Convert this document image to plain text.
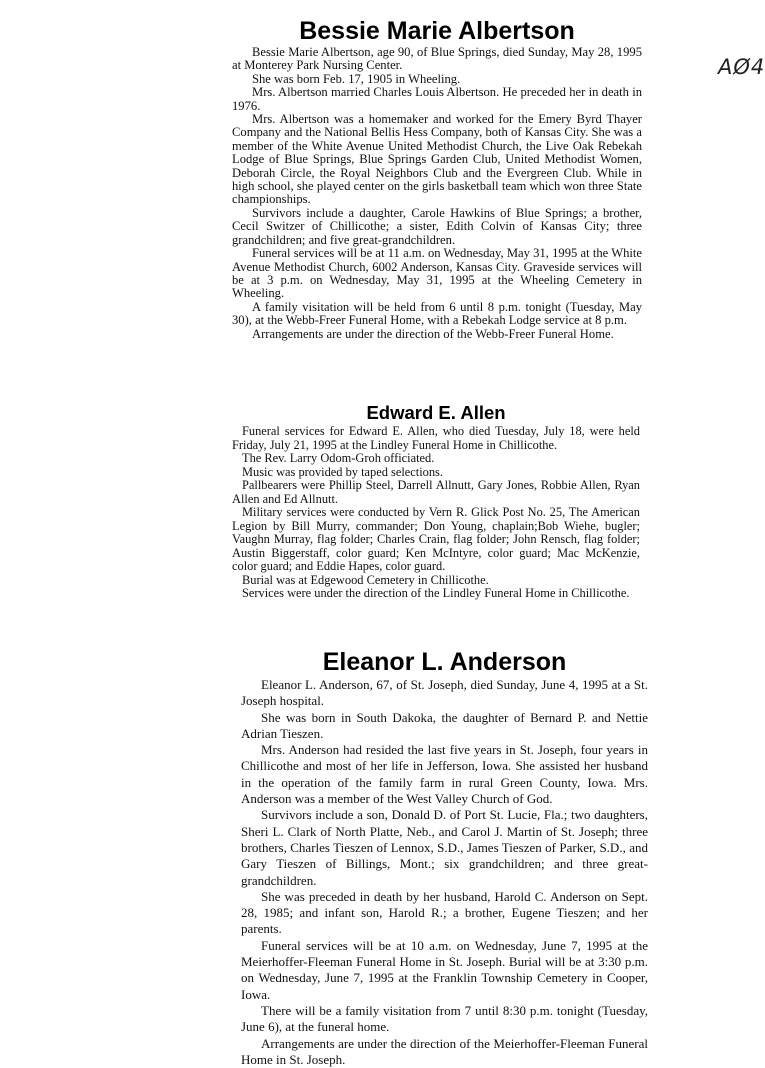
AØ4
Bessie Marie Albertson

Bessie Marie Albertson, age 90, of Blue Springs, died Sunday, May 28, 1995 at Monterey Park Nursing Center.

She was born Feb. 17, 1905 in Wheeling.

Mrs. Albertson married Charles Louis Albertson. He preceded her in death in 1976.

Mrs. Albertson was a homemaker and worked for the Emery Byrd Thayer Company and the National Bellis Hess Company, both of Kansas City. She was a member of the White Avenue United Methodist Church, the Live Oak Rebekah Lodge of Blue Springs, Blue Springs Garden Club, United Methodist Women, Deborah Circle, the Royal Neighbors Club and the Evergreen Club. While in high school, she played center on the girls basketball team which won three State championships.

Survivors include a daughter, Carole Hawkins of Blue Springs; a brother, Cecil Switzer of Chillicothe; a sister, Edith Colvin of Kansas City; three grandchildren; and five great-grandchildren.

Funeral services will be at 11 a.m. on Wednesday, May 31, 1995 at the White Avenue Methodist Church, 6002 Anderson, Kansas City. Graveside services will be at 3 p.m. on Wednesday, May 31, 1995 at the Wheeling Cemetery in Wheeling.

A family visitation will be held from 6 until 8 p.m. tonight (Tuesday, May 30), at the Webb-Freer Funeral Home, with a Rebekah Lodge service at 8 p.m.

Arrangements are under the direction of the Webb-Freer Funeral Home.

Edward E. Allen

Funeral services for Edward E. Allen, who died Tuesday, July 18, were held Friday, July 21, 1995 at the Lindley Funeral Home in Chillicothe.

The Rev. Larry Odom-Groh officiated.

Music was provided by taped selections.

Pallbearers were Phillip Steel, Darrell Allnutt, Gary Jones, Robbie Allen, Ryan Allen and Ed Allnutt.

Military services were conducted by Vern R. Glick Post No. 25, The American Legion by Bill Murry, commander; Don Young, chaplain;Bob Wiehe, bugler; Vaughn Murray, flag folder; Charles Crain, flag folder; John Rensch, flag folder; Austin Biggerstaff, color guard; Ken McIntyre, color guard; Mac McKenzie, color guard; and Eddie Hapes, color guard.

Burial was at Edgewood Cemetery in Chillicothe.

Services were under the direction of the Lindley Funeral Home in Chillicothe.

Eleanor L. Anderson

Eleanor L. Anderson, 67, of St. Joseph, died Sunday, June 4, 1995 at a St. Joseph hospital.

She was born in South Dakoka, the daughter of Bernard P. and Nettie Adrian Tieszen.

Mrs. Anderson had resided the last five years in St. Joseph, four years in Chillicothe and most of her life in Jefferson, Iowa. She assisted her husband in the operation of the family farm in rural Green County, Iowa. Mrs. Anderson was a member of the West Valley Church of God.

Survivors include a son, Donald D. of Port St. Lucie, Fla.; two daughters, Sheri L. Clark of North Platte, Neb., and Carol J. Martin of St. Joseph; three brothers, Charles Tieszen of Lennox, S.D., James Tieszen of Parker, S.D., and Gary Tieszen of Billings, Mont.; six grandchildren; and three great-grandchildren.

She was preceded in death by her husband, Harold C. Anderson on Sept. 28, 1985; and infant son, Harold R.; a brother, Eugene Tieszen; and her parents.

Funeral services will be at 10 a.m. on Wednesday, June 7, 1995 at the Meierhoffer-Fleeman Funeral Home in St. Joseph. Burial will be at 3:30 p.m. on Wednesday, June 7, 1995 at the Franklin Township Cemetery in Cooper, Iowa.

There will be a family visitation from 7 until 8:30 p.m. tonight (Tuesday, June 6), at the funeral home.

Arrangements are under the direction of the Meierhoffer-Fleeman Funeral Home in St. Joseph.
